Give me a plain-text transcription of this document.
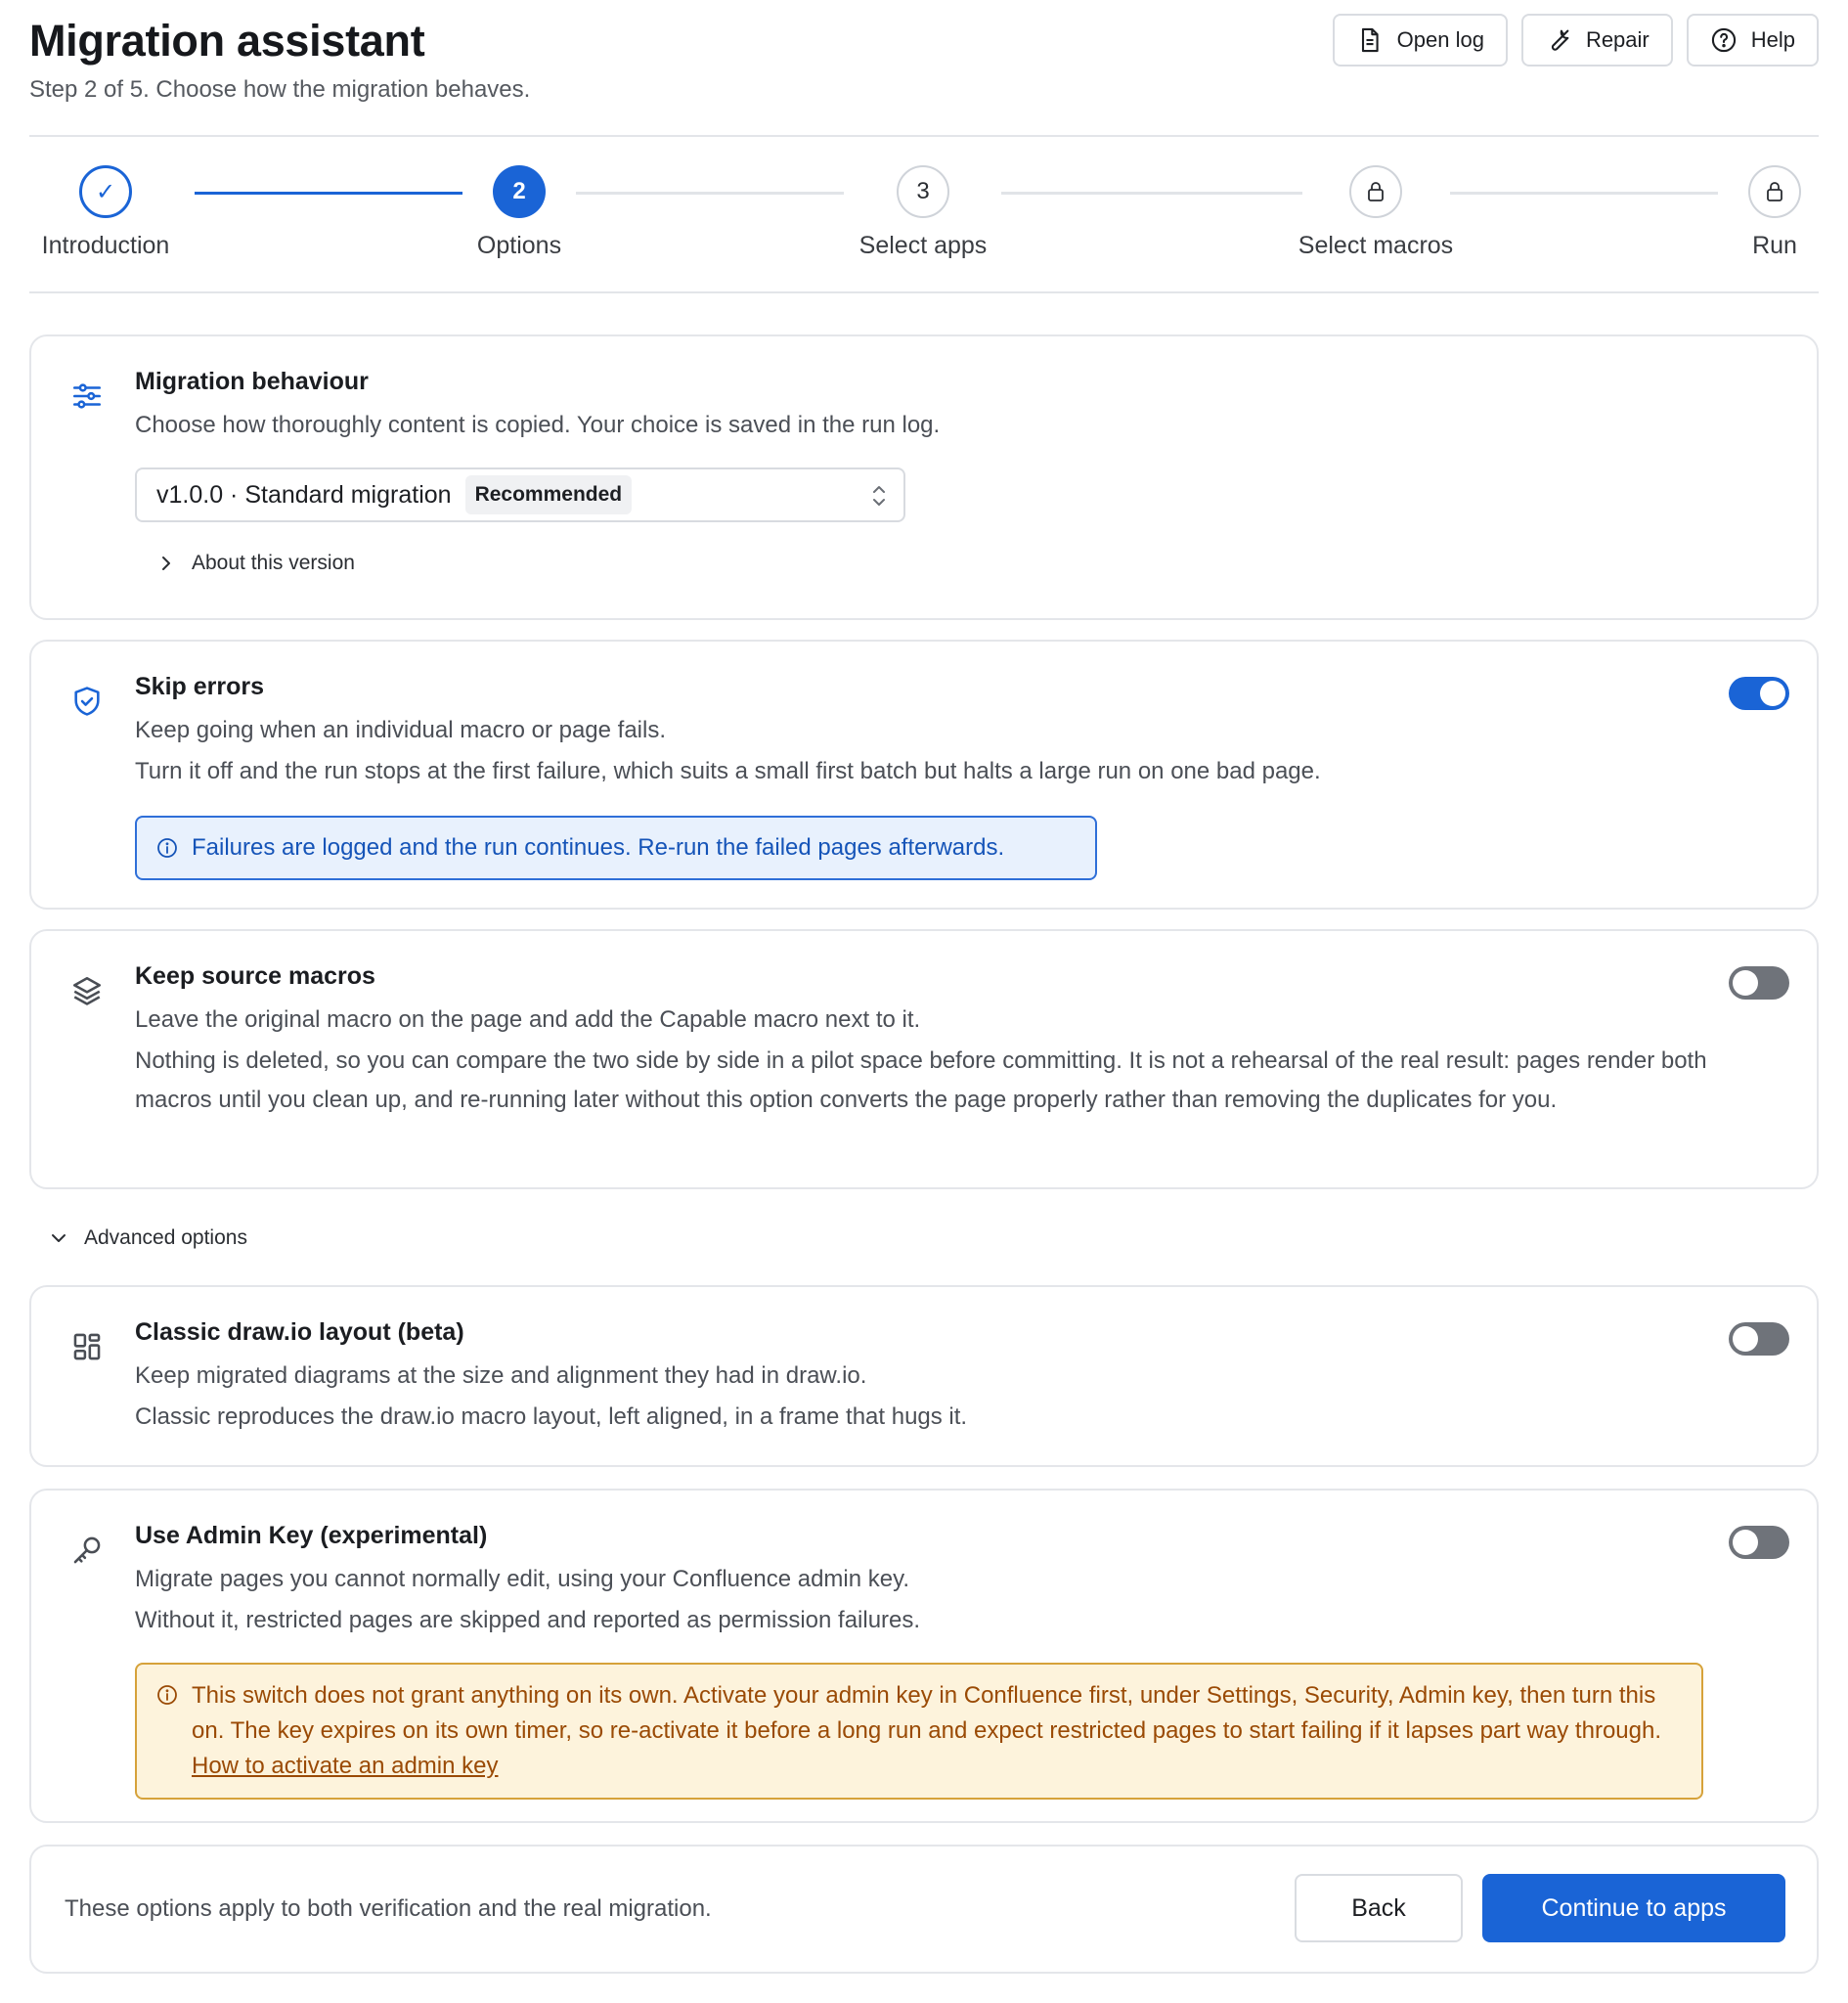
Migration assistant
Step 2 of 5. Choose how the migration behaves.
Open log	Repair	Help
✓
Introduction
2
Options
3
Select apps	Select macros	Run
Migration behaviour
Choose how thoroughly content is copied. Your choice is saved in the run log.
v1.0.0 · Standard migration	Recommended
About this version
Skip errors
Keep going when an individual macro or page fails.
Turn it off and the run stops at the first failure, which suits a small first batch but halts a large run on one bad page.
Failures are logged and the run continues. Re-run the failed pages afterwards.
Keep source macros
Leave the original macro on the page and add the Capable macro next to it.
Nothing is deleted, so you can compare the two side by side in a pilot space before committing. It is not a rehearsal of the real result: pages render both macros until you clean up, and re-running later without this option converts the page properly rather than removing the duplicates for you.
Advanced options
Classic draw.io layout (beta)
Keep migrated diagrams at the size and alignment they had in draw.io.
Classic reproduces the draw.io macro layout, left aligned, in a frame that hugs it.
Use Admin Key (experimental)
Migrate pages you cannot normally edit, using your Confluence admin key.
Without it, restricted pages are skipped and reported as permission failures.
This switch does not grant anything on its own. Activate your admin key in Confluence first, under Settings, Security, Admin key, then turn this on. The key expires on its own timer, so re-activate it before a long run and expect restricted pages to start failing if it lapses part way through. How to activate an admin key
These options apply to both verification and the real migration.	Back	Continue to apps
